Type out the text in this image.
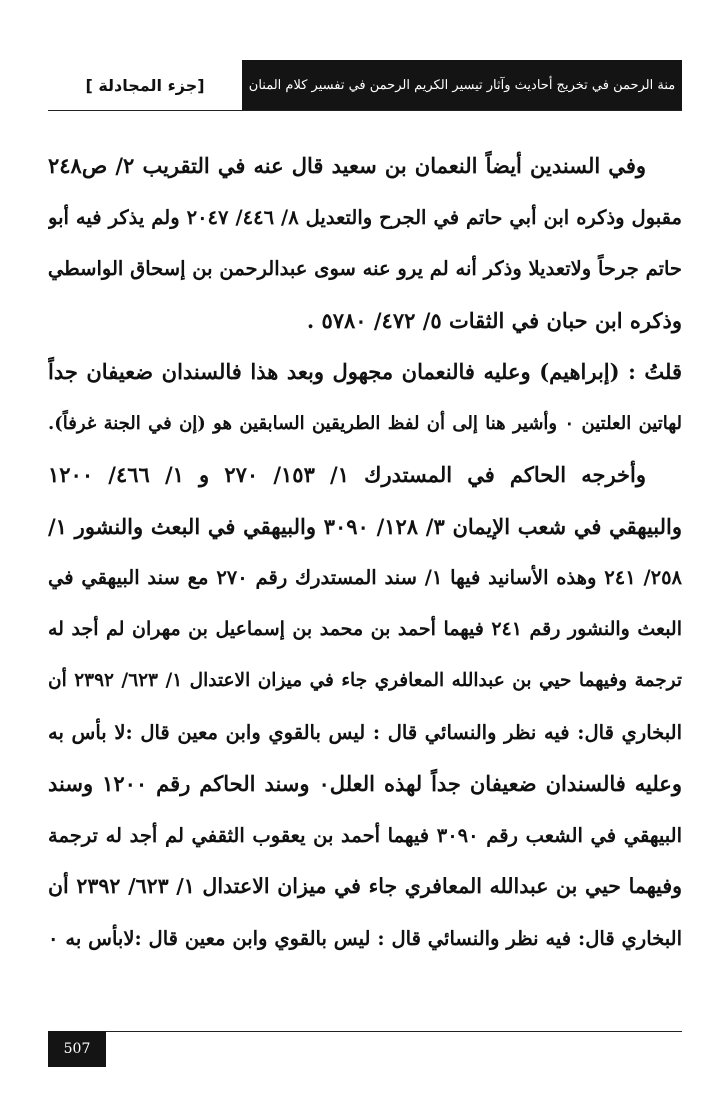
[جزء المجادلة ]	منة الرحمن في تخريج أحاديث وآثار تيسير الكريم الرحمن في تفسير كلام المنان
وفي السندين أيضاً النعمان بن سعيد قال عنه في التقريب ٢/ ص٢٤٨
مقبول وذكره ابن أبي حاتم في الجرح والتعديل ٨/ ٤٤٦/ ٢٠٤٧ ولم يذكر فيه أبو
حاتم جرحاً ولاتعديلا وذكر أنه لم يرو عنه سوى عبدالرحمن بن إسحاق الواسطي
وذكره ابن حبان في الثقات ٥/ ٤٧٢/ ٥٧٨٠ .
قلتُ : (إبراهيم) وعليه فالنعمان مجهول وبعد هذا فالسندان ضعيفان جداً
لهاتين العلتين ٠ وأشير هنا إلى أن لفظ الطريقين السابقين هو (إن في الجنة غرفاً).
وأخرجه الحاكم في المستدرك ١/ ١٥٣/ ٢٧٠ و ١/ ٤٦٦/ ١٢٠٠
والبيهقي في شعب الإيمان ٣/ ١٢٨/ ٣٠٩٠ والبيهقي في البعث والنشور ١/
٢٥٨/ ٢٤١ وهذه الأسانيد فيها ١/ سند المستدرك رقم ٢٧٠ مع سند البيهقي في
البعث والنشور رقم ٢٤١ فيهما أحمد بن محمد بن إسماعيل بن مهران لم أجد له
ترجمة وفيهما حيي بن عبدالله المعافري جاء في ميزان الاعتدال ١/ ٦٢٣/ ٢٣٩٢ أن
البخاري قال: فيه نظر والنسائي قال : ليس بالقوي وابن معين قال :لا بأس به
وعليه فالسندان ضعيفان جداً لهذه العلل٠ وسند الحاكم رقم ١٢٠٠ وسند
البيهقي في الشعب رقم ٣٠٩٠ فيهما أحمد بن يعقوب الثقفي لم أجد له ترجمة
وفيهما حيي بن عبدالله المعافري جاء في ميزان الاعتدال ١/ ٦٢٣/ ٢٣٩٢ أن
البخاري قال: فيه نظر والنسائي قال : ليس بالقوي وابن معين قال :لابأس به ٠
507
